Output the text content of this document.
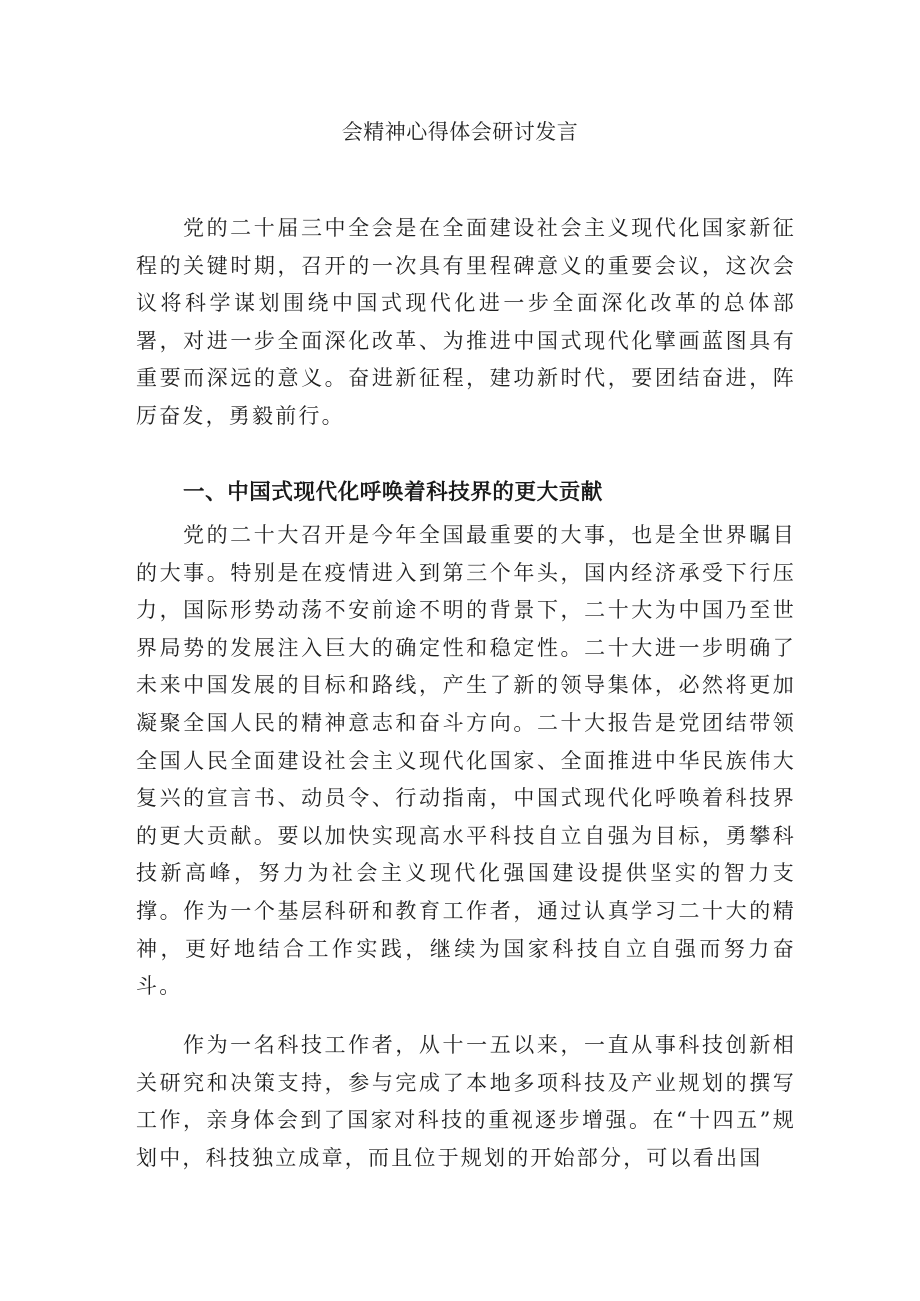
会精神心得体会研讨发言

党的二十届三中全会是在全面建设社会主义现代化国家新征程的关键时期，召开的一次具有里程碑意义的重要会议，这次会议将科学谋划围绕中国式现代化进一步全面深化改革的总体部署，对进一步全面深化改革、为推进中国式现代化擘画蓝图具有重要而深远的意义。奋进新征程，建功新时代，要团结奋进，阵厉奋发，勇毅前行。

一、中国式现代化呼唤着科技界的更大贡献

党的二十大召开是今年全国最重要的大事，也是全世界瞩目的大事。特别是在疫情进入到第三个年头，国内经济承受下行压力，国际形势动荡不安前途不明的背景下，二十大为中国乃至世界局势的发展注入巨大的确定性和稳定性。二十大进一步明确了未来中国发展的目标和路线，产生了新的领导集体，必然将更加凝聚全国人民的精神意志和奋斗方向。二十大报告是党团结带领全国人民全面建设社会主义现代化国家、全面推进中华民族伟大复兴的宣言书、动员令、行动指南，中国式现代化呼唤着科技界的更大贡献。要以加快实现高水平科技自立自强为目标，勇攀科技新高峰，努力为社会主义现代化强国建设提供坚实的智力支撑。作为一个基层科研和教育工作者，通过认真学习二十大的精神，更好地结合工作实践，继续为国家科技自立自强而努力奋斗。

作为一名科技工作者，从十一五以来，一直从事科技创新相关研究和决策支持，参与完成了本地多项科技及产业规划的撰写工作，亲身体会到了国家对科技的重视逐步增强。在“十四五”规划中，科技独立成章，而且位于规划的开始部分，可以看出国
